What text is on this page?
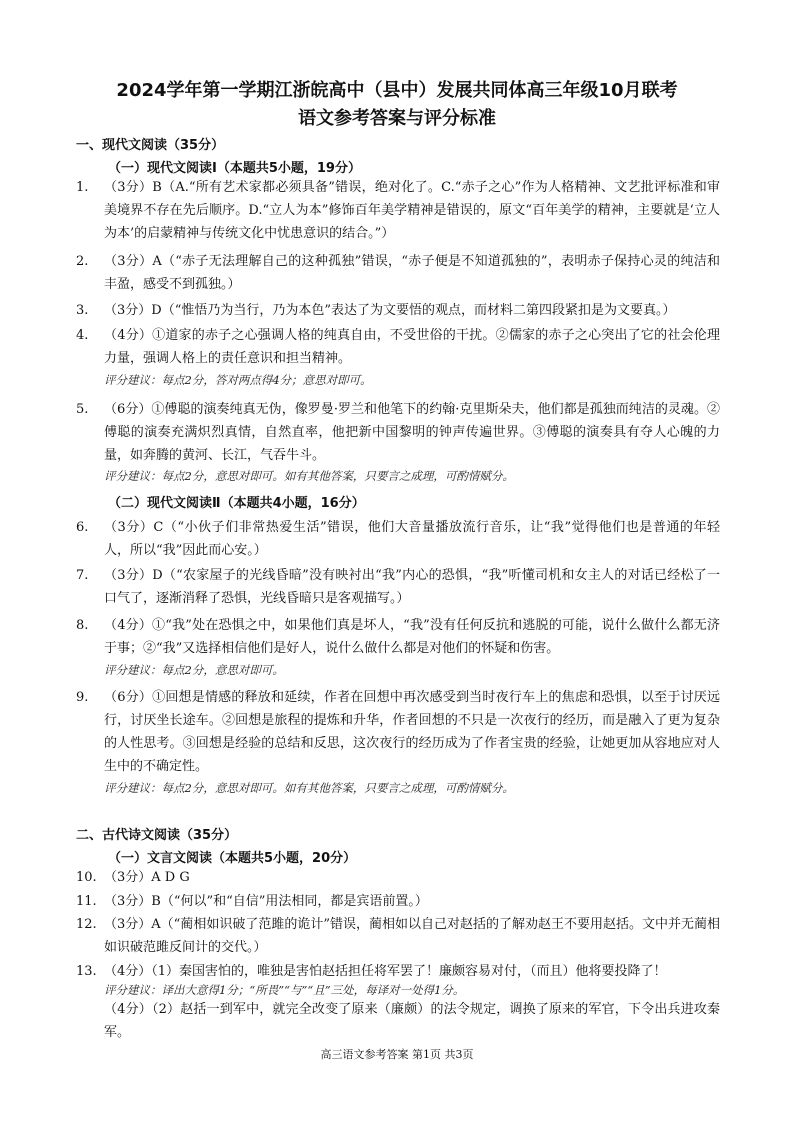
2024学年第一学期江浙皖高中（县中）发展共同体高三年级10月联考
语文参考答案与评分标准
一、现代文阅读（35分）
（一）现代文阅读Ⅰ（本题共5小题，19分）
1.	（3分）B（A.“所有艺术家都必须具备”错误，绝对化了。C.“赤子之心”作为人格精神、文艺批评标准和审美境界不存在先后顺序。D.“立人为本”修饰百年美学精神是错误的，原文“百年美学的精神，主要就是‘立人为本’的启蒙精神与传统文化中忧患意识的结合。”）
2.	（3分）A（“赤子无法理解自己的这种孤独”错误，“赤子便是不知道孤独的”，表明赤子保持心灵的纯洁和丰盈，感受不到孤独。）
3.	（3分）D（“惟悟乃为当行，乃为本色”表达了为文要悟的观点，而材料二第四段紧扣是为文要真。）
4.	（4分）①道家的赤子之心强调人格的纯真自由，不受世俗的干扰。②儒家的赤子之心突出了它的社会伦理力量，强调人格上的责任意识和担当精神。
评分建议：每点2分，答对两点得4分；意思对即可。
5.	（6分）①傅聪的演奏纯真无伪，像罗曼·罗兰和他笔下的约翰·克里斯朵夫，他们都是孤独而纯洁的灵魂。②傅聪的演奏充满炽烈真情，自然直率，他把新中国黎明的钟声传遍世界。③傅聪的演奏具有夺人心魄的力量，如奔腾的黄河、长江，气吞牛斗。
评分建议：每点2分，意思对即可。如有其他答案，只要言之成理，可酌情赋分。
（二）现代文阅读Ⅱ（本题共4小题，16分）
6.	（3分）C（“小伙子们非常热爱生活”错误，他们大音量播放流行音乐，让“我”觉得他们也是普通的年轻人，所以“我”因此而心安。）
7.	（3分）D（“农家屋子的光线昏暗”没有映衬出“我”内心的恐惧，“我”听懂司机和女主人的对话已经松了一口气了，逐渐消释了恐惧，光线昏暗只是客观描写。）
8.	（4分）①“我”处在恐惧之中，如果他们真是坏人，“我”没有任何反抗和逃脱的可能，说什么做什么都无济于事；②“我”又选择相信他们是好人，说什么做什么都是对他们的怀疑和伤害。
评分建议：每点2分，意思对即可。
9.	（6分）①回想是情感的释放和延续，作者在回想中再次感受到当时夜行车上的焦虑和恐惧，以至于讨厌远行，讨厌坐长途车。②回想是旅程的提炼和升华，作者回想的不只是一次夜行的经历，而是融入了更为复杂的人性思考。③回想是经验的总结和反思，这次夜行的经历成为了作者宝贵的经验，让她更加从容地应对人生中的不确定性。
评分建议：每点2分，意思对即可。如有其他答案，只要言之成理，可酌情赋分。
二、古代诗文阅读（35分）
（一）文言文阅读（本题共5小题，20分）
10. （3分）A D G
11. （3分）B（“何以”和“自信”用法相同，都是宾语前置。）
12. （3分）A（“蔺相如识破了范雎的诡计”错误，蔺相如以自己对赵括的了解劝赵王不要用赵括。文中并无蔺相如识破范雎反间计的交代。）
13. （4分）（1）秦国害怕的，唯独是害怕赵括担任将军罢了！廉颇容易对付，（而且）他将要投降了！
评分建议：译出大意得1分；“所畏”“与”“且”三处，每译对一处得1分。
（4分）（2）赵括一到军中，就完全改变了原来（廉颇）的法令规定，调换了原来的军官，下令出兵进攻秦军。
高三语文参考答案 第1页 共3页
